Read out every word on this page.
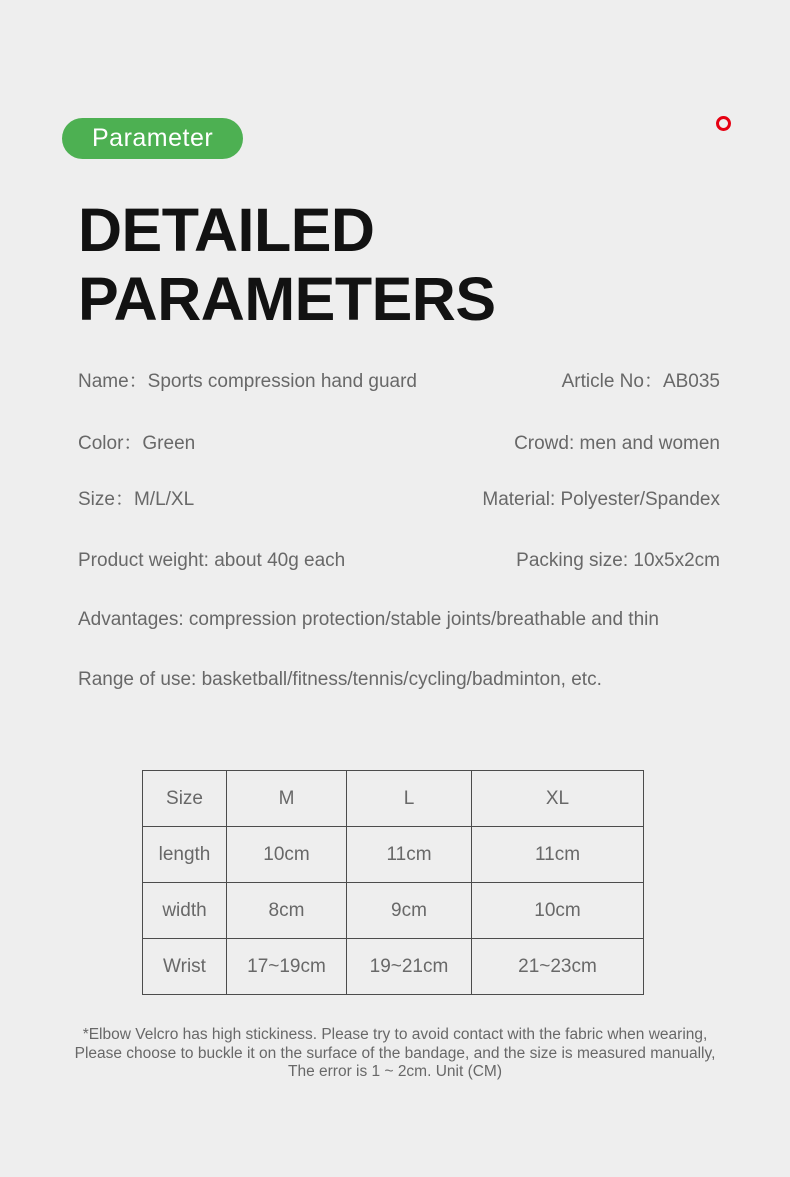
Parameter
DETAILED
PARAMETERS
Name：Sports compression hand guard	Article No：AB035
Color：Green	Crowd: men and women
Size：M/L/XL	Material: Polyester/Spandex
Product weight: about 40g each	Packing size: 10x5x2cm
Advantages: compression protection/stable joints/breathable and thin
Range of use: basketball/fitness/tennis/cycling/badminton, etc.
Size	M	L	XL
length	10cm	11cm	11cm
width	8cm	9cm	10cm
Wrist	17~19cm	19~21cm	21~23cm
*Elbow Velcro has high stickiness. Please try to avoid contact with the fabric when wearing,
Please choose to buckle it on the surface of the bandage, and the size is measured manually,
The error is 1 ~ 2cm. Unit (CM)
